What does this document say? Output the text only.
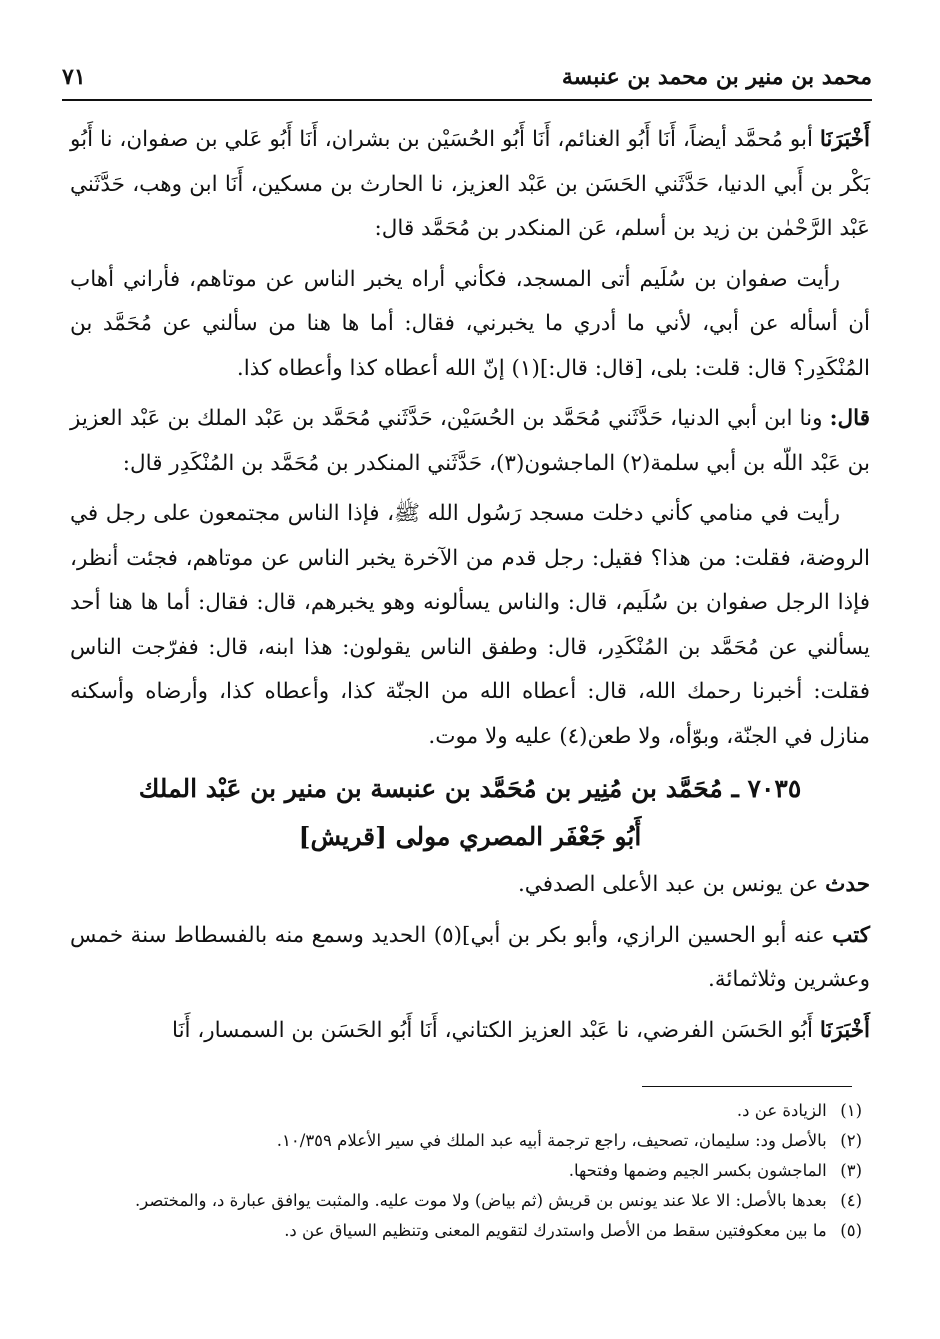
محمد بن منير بن محمد بن عنبسة
٧١

أَخْبَرَنَا أبو مُحمَّد أيضاً، أَنَا أَبُو الغنائم، أَنَا أَبُو الحُسَيْن بن بشران، أَنَا أَبُو عَلي بن صفوان، نا أَبُو بَكْر بن أَبي الدنيا، حَدَّثَني الحَسَن بن عَبْد العزيز، نا الحارث بن مسكين، أَنَا ابن وهب، حَدَّثَني عَبْد الرَّحْمٰن بن زيد بن أسلم، عَن المنكدر بن مُحَمَّد قال:

رأيت صفوان بن سُلَيم أتى المسجد، فكأني أراه يخبر الناس عن موتاهم، فأراني أهاب أن أسأله عن أبي، لأني ما أدري ما يخبرني، فقال: أما ها هنا من سألني عن مُحَمَّد بن المُنْكَدِر؟ قال: قلت: بلى، [قال: قال:](١) إنّ الله أعطاه كذا وأعطاه كذا.

قال: ونا ابن أبي الدنيا، حَدَّثَني مُحَمَّد بن الحُسَيْن، حَدَّثَني مُحَمَّد بن عَبْد الملك بن عَبْد العزيز بن عَبْد اللّه بن أبي سلمة(٢) الماجشون(٣)، حَدَّثَني المنكدر بن مُحَمَّد بن المُنْكَدِر قال:

رأيت في منامي كأني دخلت مسجد رَسُول الله ﷺ، فإذا الناس مجتمعون على رجل في الروضة، فقلت: من هذا؟ فقيل: رجل قدم من الآخرة يخبر الناس عن موتاهم، فجئت أنظر، فإذا الرجل صفوان بن سُلَيم، قال: والناس يسألونه وهو يخبرهم، قال: فقال: أما ها هنا أحد يسألني عن مُحَمَّد بن المُنْكَدِر، قال: وطفق الناس يقولون: هذا ابنه، قال: ففرّجت الناس فقلت: أخبرنا رحمك الله، قال: أعطاه الله من الجنّة كذا، وأعطاه كذا، وأرضاه وأسكنه منازل في الجنّة، وبوّأه، ولا طعن(٤) عليه ولا موت.

٧٠٣٥ ـ مُحَمَّد بن مُنِير بن مُحَمَّد بن عنبسة بن منير بن عَبْد الملك
أَبُو جَعْفَر المصري مولى [قريش]

حدث عن يونس بن عبد الأعلى الصدفي.

كتب عنه أبو الحسين الرازي، وأبو بكر بن أبي](٥) الحديد وسمع منه بالفسطاط سنة خمس وعشرين وثلاثمائة.

أَخْبَرَنَا أَبُو الحَسَن الفرضي، نا عَبْد العزيز الكتاني، أَنَا أَبُو الحَسَن بن السمسار، أَنَا

(١) الزيادة عن د.

(٢) بالأصل ود: سليمان، تصحيف، راجع ترجمة أبيه عبد الملك في سير الأعلام ١٠/٣٥٩.

(٣) الماجشون بكسر الجيم وضمها وفتحها.

(٤) بعدها بالأصل: الا علا عند يونس بن قريش (ثم بياض) ولا موت عليه. والمثبت يوافق عبارة د، والمختصر.

(٥) ما بين معكوفتين سقط من الأصل واستدرك لتقويم المعنى وتنظيم السياق عن د.
